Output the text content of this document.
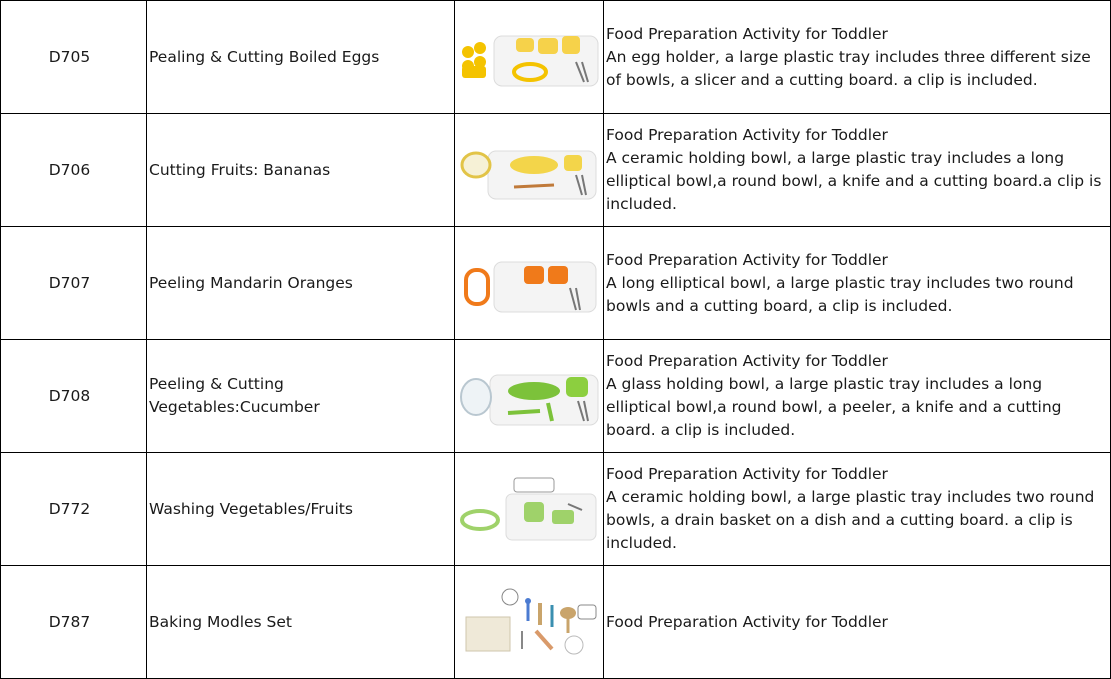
D705	Pealing & Cutting Boiled Eggs		Food Preparation Activity for Toddler
An egg holder, a large plastic tray includes three different size of bowls, a slicer and a cutting board. a clip is included.

D706	Cutting Fruits: Bananas		Food Preparation Activity for Toddler
A ceramic holding bowl, a large plastic tray includes a long elliptical bowl,a round bowl, a knife and a cutting board.a clip is included.

D707	Peeling Mandarin Oranges		Food Preparation Activity for Toddler
A long elliptical bowl, a large plastic tray includes two round bowls and a cutting board, a clip is included.

D708	Peeling & Cutting Vegetables:Cucumber		Food Preparation Activity for Toddler
A glass holding bowl, a large plastic tray includes a long elliptical bowl,a round bowl, a peeler, a knife and a cutting board. a clip is included.

D772	Washing Vegetables/Fruits		Food Preparation Activity for Toddler
A ceramic holding bowl, a large plastic tray includes two round bowls, a drain basket on a dish and a cutting board. a clip is included.

D787	Baking Modles Set		Food Preparation Activity for Toddler
